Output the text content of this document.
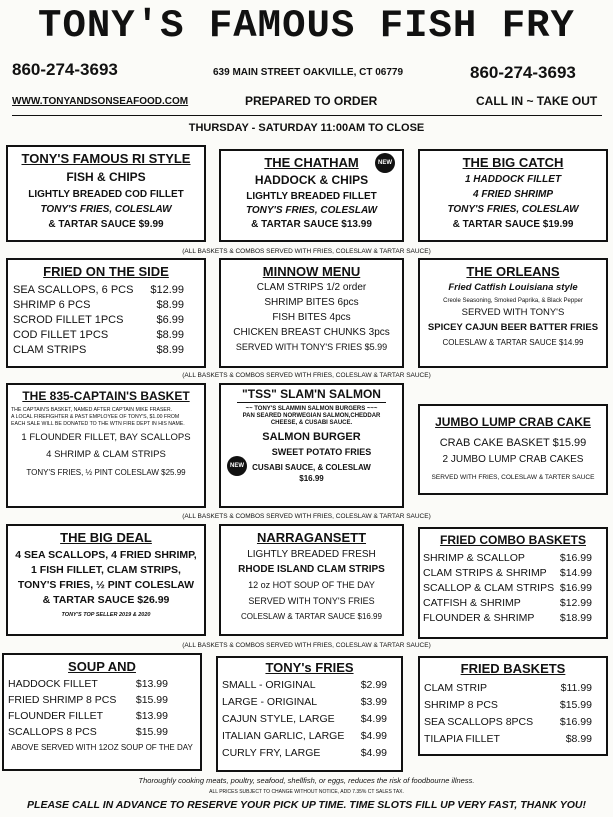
TONY'S FAMOUS FISH FRY
860-274-3693	860-274-3693
639 MAIN STREET OAKVILLE, CT 06779
WWW.TONYANDSONSEAFOOD.COM	PREPARED TO ORDER	CALL IN ~ TAKE OUT
THURSDAY - SATURDAY 11:00AM TO CLOSE
TONY'S FAMOUS RI STYLE
FISH & CHIPS
LIGHTLY BREADED COD FILLET
TONY'S FRIES, COLESLAW
& TARTAR SAUCE $9.99
THE CHATHAM
HADDOCK & CHIPS
LIGHTLY BREADED FILLET
TONY'S FRIES, COLESLAW
& TARTAR SAUCE $13.99
NEW	THE BIG CATCH
1 HADDOCK FILLET
4 FRIED SHRIMP
TONY'S FRIES, COLESLAW
& TARTAR SAUCE $19.99
(ALL BASKETS & COMBOS SERVED WITH FRIES, COLESLAW & TARTAR SAUCE)
FRIED ON THE SIDE
SEA SCALLOPS, 6 PCS $12.99
SHRIMP 6 PCS	$8.99
SCROD FILLET 1PCS	$6.99
COD FILLET 1PCS	$8.99
CLAM STRIPS	$8.99
MINNOW MENU
CLAM STRIPS 1/2 order
SHRIMP BITES 6pcs
FISH BITES 4pcs
CHICKEN BREAST CHUNKS 3pcs
SERVED WITH TONY'S FRIES $5.99
THE ORLEANS
Fried Catfish Louisiana style
Creole Seasoning, Smoked Paprika, & Black Pepper
SERVED WITH TONY'S
SPICEY CAJUN BEER BATTER FRIES
COLESLAW & TARTAR SAUCE $14.99
(ALL BASKETS & COMBOS SERVED WITH FRIES, COLESLAW & TARTAR SAUCE)
THE 835-CAPTAIN'S BASKET
THE CAPTAIN'S BASKET, NAMED AFTER CAPTAIN MIKE FRASER.
A LOCAL FIREFIGHTER & PAST EMPLOYEE OF TONY'S, $1.00 FROM
EACH SALE WILL BE DONATED TO THE WTN FIRE DEPT IN HIS NAME.
1 FLOUNDER FILLET, BAY SCALLOPS
4 SHRIMP & CLAM STRIPS
TONY'S FRIES, ½ PINT COLESLAW $25.99
"TSS" SLAM'N SALMON
~~ TONY'S SLAMMIN SALMON BURGERS ~~~
PAN SEARED NORWEGIAN SALMON,CHEDDAR
CHEESE, & CUSABI SAUCE.
SALMON BURGER
SWEET POTATO FRIES
CUSABI SAUCE, & COLESLAW
$16.99
NEW
JUMBO LUMP CRAB CAKE
CRAB CAKE BASKET $15.99
2 JUMBO LUMP CRAB CAKES
SERVED WITH FRIES, COLESLAW & TARTER SAUCE
(ALL BASKETS & COMBOS SERVED WITH FRIES, COLESLAW & TARTAR SAUCE)
THE BIG DEAL
4 SEA SCALLOPS, 4 FRIED SHRIMP,
1 FISH FILLET, CLAM STRIPS,
TONY'S FRIES, ½ PINT COLESLAW
& TARTAR SAUCE $26.99
TONY'S TOP SELLER 2019 & 2020
NARRAGANSETT
LIGHTLY BREADED FRESH
RHODE ISLAND CLAM STRIPS
12 oz HOT SOUP OF THE DAY
SERVED WITH TONY'S FRIES
COLESLAW & TARTAR SAUCE $16.99
FRIED COMBO BASKETS
SHRIMP & SCALLOP	$16.99
CLAM STRIPS & SHRIMP $14.99
SCALLOP & CLAM STRIPS $16.99
CATFISH & SHRIMP	$12.99
FLOUNDER & SHRIMP $18.99
(ALL BASKETS & COMBOS SERVED WITH FRIES, COLESLAW & TARTAR SAUCE)
SOUP AND
HADDOCK FILLET	$13.99
FRIED SHRIMP 8 PCS $15.99
FLOUNDER FILLET	$13.99
SCALLOPS 8 PCS	$15.99
ABOVE SERVED WITH 12OZ SOUP OF THE DAY
TONY's FRIES
SMALL - ORIGINAL	$2.99
LARGE - ORIGINAL	$3.99
CAJUN STYLE, LARGE $4.99
ITALIAN GARLIC, LARGE $4.99
CURLY FRY, LARGE	$4.99
FRIED BASKETS
CLAM STRIP	$11.99
SHRIMP 8 PCS	$15.99
SEA SCALLOPS 8PCS	$16.99
TILAPIA FILLET	$8.99
Thoroughly cooking meats, poultry, seafood, shellfish, or eggs, reduces the risk of foodbourne illness.
ALL PRICES SUBJECT TO CHANGE WITHOUT NOTICE, ADD 7.35% CT SALES TAX.
PLEASE CALL IN ADVANCE TO RESERVE YOUR PICK UP TIME. TIME SLOTS FILL UP VERY FAST, THANK YOU!
